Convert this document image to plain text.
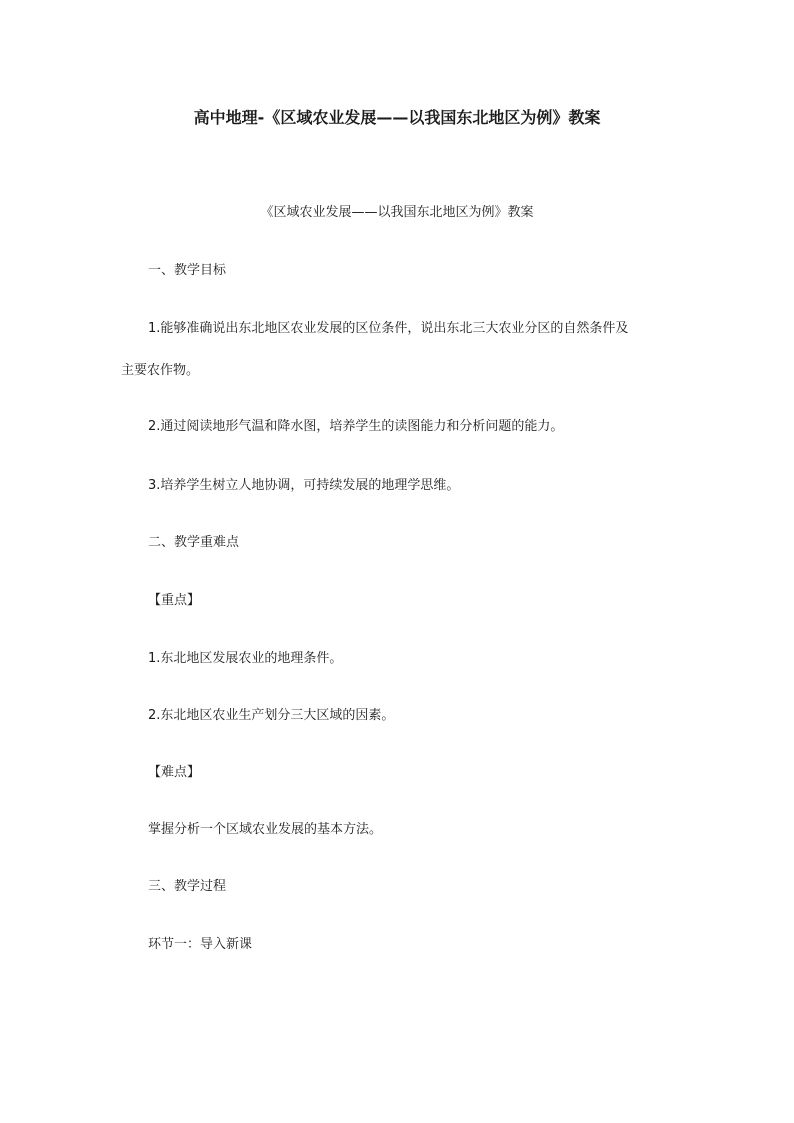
高中地理-《区域农业发展——以我国东北地区为例》教案
《区域农业发展——以我国东北地区为例》教案
一、教学目标
1.能够准确说出东北地区农业发展的区位条件，说出东北三大农业分区的自然条件及
主要农作物。
2.通过阅读地形气温和降水图，培养学生的读图能力和分析问题的能力。
3.培养学生树立人地协调，可持续发展的地理学思维。
二、教学重难点
【重点】
1.东北地区发展农业的地理条件。
2.东北地区农业生产划分三大区域的因素。
【难点】
掌握分析一个区域农业发展的基本方法。
三、教学过程
环节一：导入新课
